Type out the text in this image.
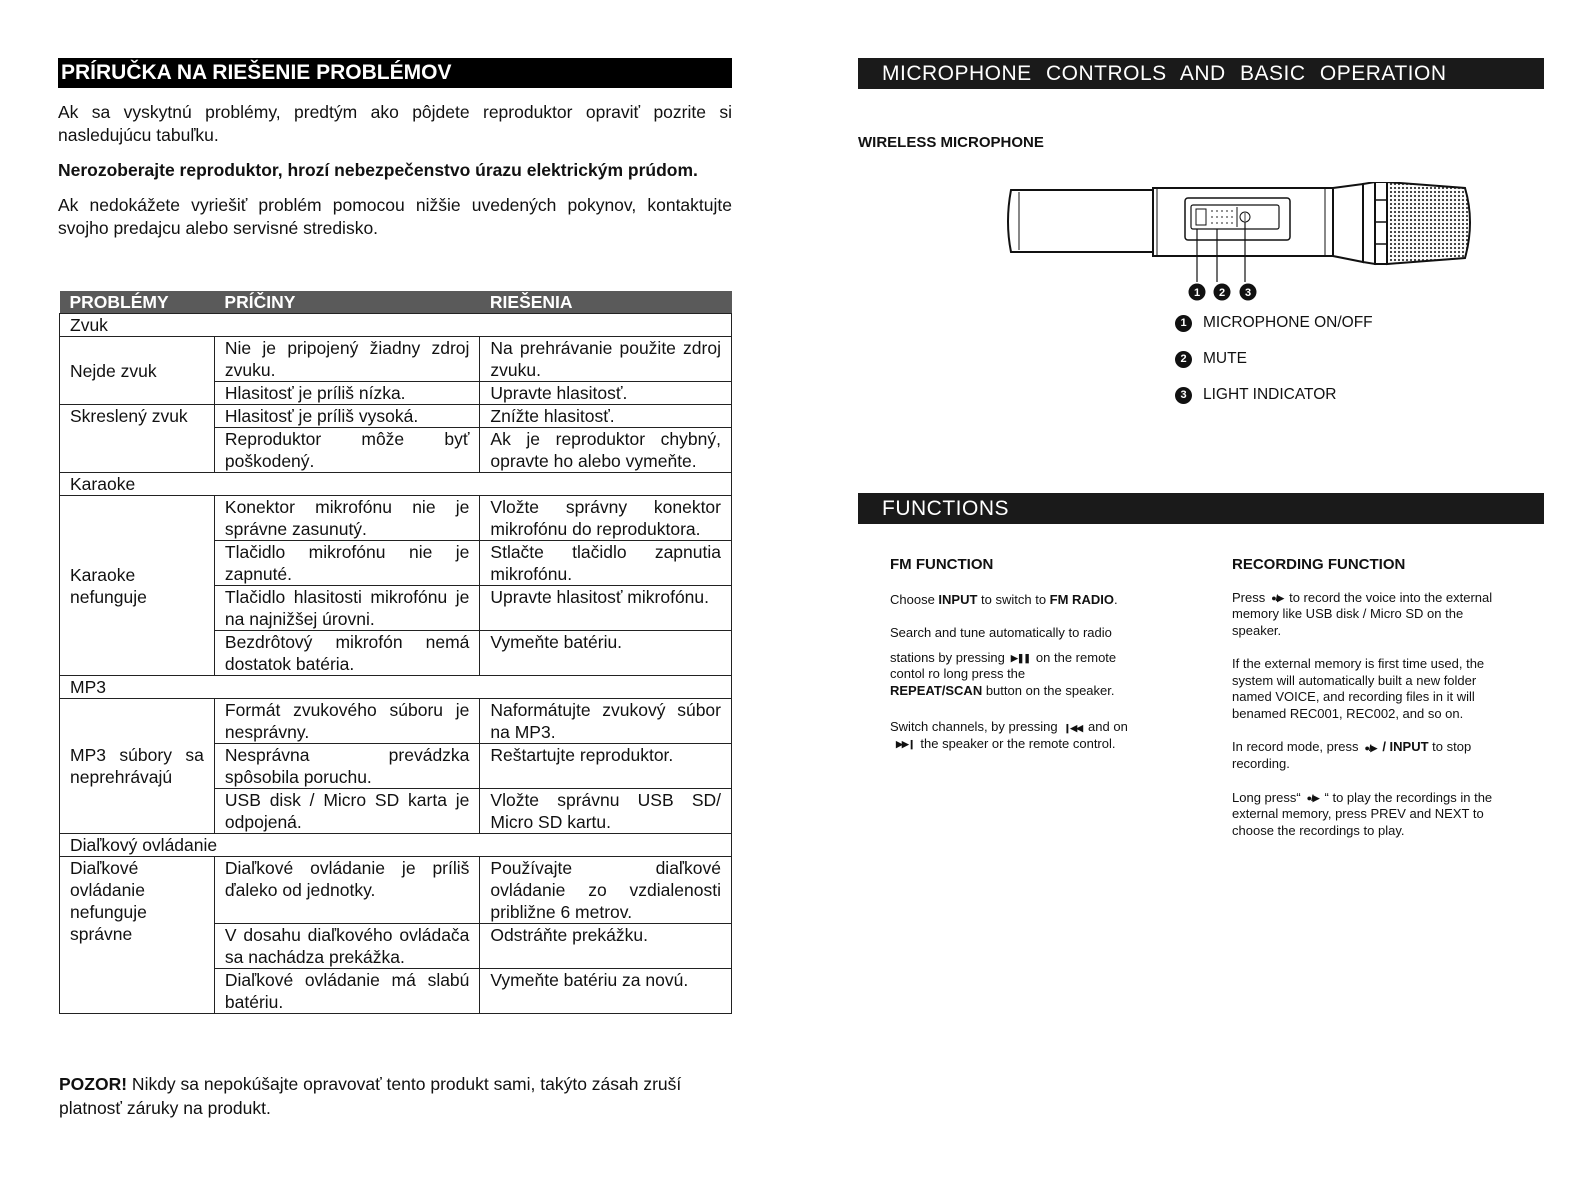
PRÍRUČKA NA RIEŠENIE PROBLÉMOV

Ak sa vyskytnú problémy, predtým ako pôjdete reproduktor opraviť pozrite si nasledujúcu tabuľku.

Nerozoberajte reproduktor, hrozí nebezpečenstvo úrazu elektrickým prúdom.

Ak nedokážete vyriešiť problém pomocou nižšie uvedených pokynov, kontaktujte svojho predajcu alebo servisné stredisko.

PROBLÉMY	PRÍČINY	RIEŠENIA
Zvuk		
Nejde zvuk	Nie je pripojený žiadny zdroj zvuku.	Na prehrávanie použite zdroj zvuku.
	Hlasitosť je príliš nízka.	Upravte hlasitosť.
Skreslený zvuk	Hlasitosť je príliš vysoká.	Znížte hlasitosť.
	Reproduktor môže byť poškodený.	Ak je reproduktor chybný, opravte ho alebo vymeňte.
Karaoke		
Karaoke nefunguje	Konektor mikrofónu nie je správne zasunutý.	Vložte správny konektor mikrofónu do reproduktora.
	Tlačidlo mikrofónu nie je zapnuté.	Stlačte tlačidlo zapnutia mikrofónu.
	Tlačidlo hlasitosti mikrofónu je na najnižšej úrovni.	Upravte hlasitosť mikrofónu.
	Bezdrôtový mikrofón nemá dostatok batéria.	Vymeňte batériu.
MP3		
MP3 súbory sa neprehrávajú	Formát zvukového súboru je nesprávny.	Naformátujte zvukový súbor na MP3.
	Nesprávna prevádzka spôsobila poruchu.	Reštartujte reproduktor.
	USB disk / Micro SD karta je odpojená.	Vložte správnu USB SD/ Micro SD kartu.
Diaľkový ovládanie		
Diaľkové ovládanie nefunguje správne	Diaľkové ovládanie je príliš ďaleko od jednotky.	Používajte diaľkové ovládanie zo vzdialenosti približne 6 metrov.
	V dosahu diaľkového ovládača sa nachádza prekážka.	Odstráňte prekážku.
	Diaľkové ovládanie má slabú batériu.	Vymeňte batériu za novú.

POZOR! Nikdy sa nepokúšajte opravovať tento produkt sami, takýto zásah zruší platnosť záruky na produkt.

MICROPHONE CONTROLS AND BASIC OPERATION
WIRELESS MICROPHONE
1 2 3
1	MICROPHONE ON/OFF
2	MUTE
3	LIGHT INDICATOR
FUNCTIONS
FM FUNCTION

Choose INPUT to switch to FM RADIO.

Search and tune automatically to radio

stations by pressing ▶❚❚ on the remote contol ro long press the
REPEAT/SCAN button on the speaker.

Switch channels, by pressing ❙◀◀ and on▶▶❙ the speaker or the remote control.

RECORDING FUNCTION

Press ●/▶ to record the voice into the external memory like USB disk / Micro SD on the speaker.

If the external memory is first time used, the system will automatically built a new folder named VOICE, and recording files in it will benamed REC001, REC002, and so on.

In record mode, press ●/▶ / INPUT to stop recording.

Long press“ ●/▶ “ to play the recordings in the external memory, press PREV and NEXT to choose the recordings to play.
